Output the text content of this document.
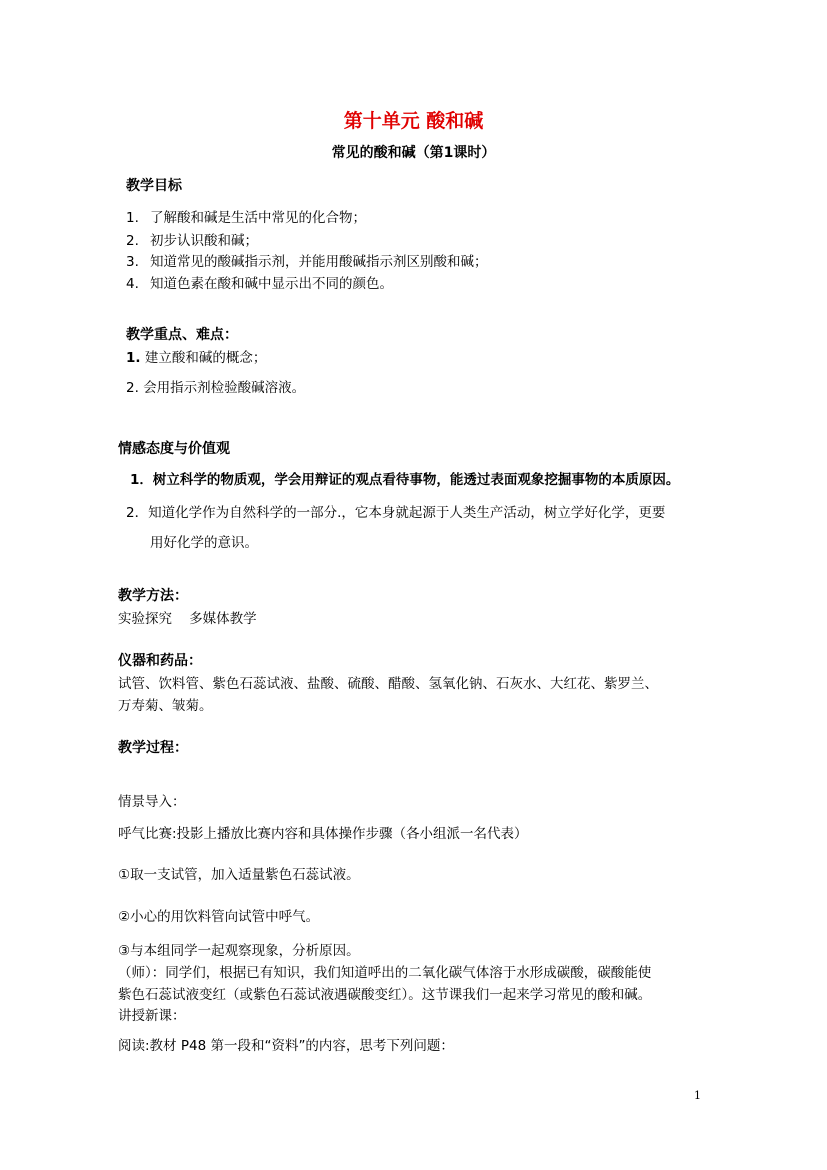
第十单元 酸和碱
常见的酸和碱（第1课时）
教学目标
1. 了解酸和碱是生活中常见的化合物；
2. 初步认识酸和碱；
3. 知道常见的酸碱指示剂，并能用酸碱指示剂区别酸和碱；
4. 知道色素在酸和碱中显示出不同的颜色。
教学重点、难点：
1. 建立酸和碱的概念；
2. 会用指示剂检验酸碱溶液。
情感态度与价值观
1．树立科学的物质观，学会用辩证的观点看待事物，能透过表面观象挖掘事物的本质原因。
2．知道化学作为自然科学的一部分.，它本身就起源于人类生产活动，树立学好化学，更要
用好化学的意识。
教学方法：
实验探究    多媒体教学
仪器和药品：
试管、饮料管、紫色石蕊试液、盐酸、硫酸、醋酸、氢氧化钠、石灰水、大红花、紫罗兰、
万寿菊、皱菊。
教学过程：
情景导入：
呼气比赛:投影上播放比赛内容和具体操作步骤（各小组派一名代表）
①取一支试管，加入适量紫色石蕊试液。
②小心的用饮料管向试管中呼气。
③与本组同学一起观察现象，分析原因。
（师）：同学们，根据已有知识，我们知道呼出的二氧化碳气体溶于水形成碳酸，碳酸能使
紫色石蕊试液变红（或紫色石蕊试液遇碳酸变红）。这节课我们一起来学习常见的酸和碱。
讲授新课：
阅读:教材 P48 第一段和“资料”的内容，思考下列问题：
1
